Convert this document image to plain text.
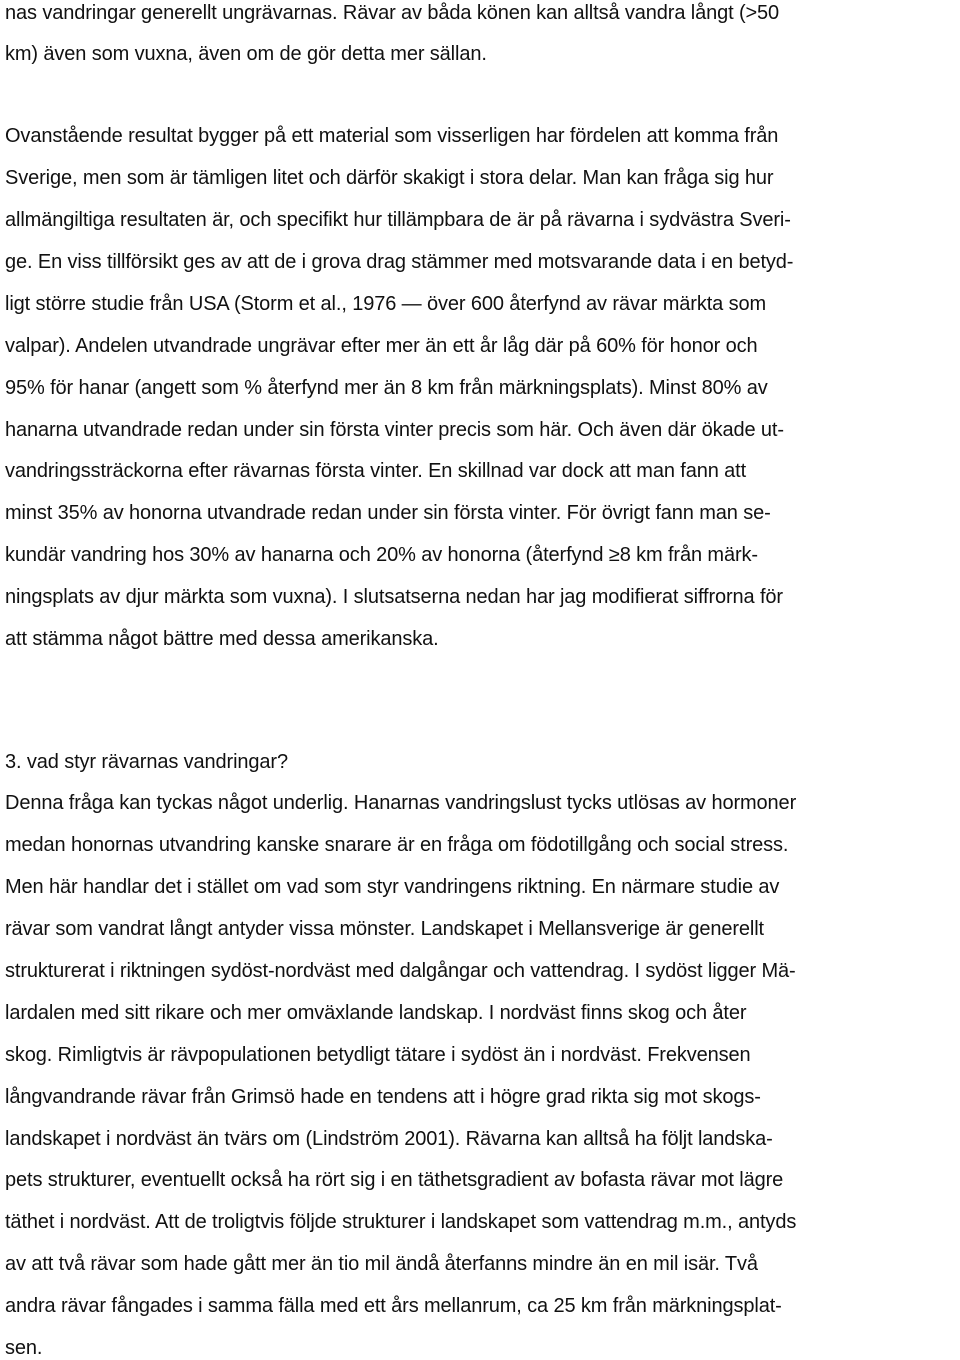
nas vandringar generellt ungrävarnas. Rävar av båda könen kan alltså vandra långt (>50
km) även som vuxna, även om de gör detta mer sällan.
Ovanstående resultat bygger på ett material som visserligen har fördelen att komma från
Sverige, men som är tämligen litet och därför skakigt i stora delar. Man kan fråga sig hur
allmängiltiga resultaten är, och specifikt hur tillämpbara de är på rävarna i sydvästra Sveri-
ge. En viss tillförsikt ges av att de i grova drag stämmer med motsvarande data i en betyd-
ligt större studie från USA (Storm et al., 1976 — över 600 återfynd av rävar märkta som
valpar). Andelen utvandrade ungrävar efter mer än ett år låg där på 60% för honor och
95% för hanar (angett som % återfynd mer än 8 km från märkningsplats). Minst 80% av
hanarna utvandrade redan under sin första vinter precis som här. Och även där ökade ut-
vandringssträckorna efter rävarnas första vinter. En skillnad var dock att man fann att
minst 35% av honorna utvandrade redan under sin första vinter. För övrigt fann man se-
kundär vandring hos 30% av hanarna och 20% av honorna (återfynd ≥8 km från märk-
ningsplats av djur märkta som vuxna). I slutsatserna nedan har jag modifierat siffrorna för
att stämma något bättre med dessa amerikanska.
3. vad styr rävarnas vandringar?
Denna fråga kan tyckas något underlig. Hanarnas vandringslust tycks utlösas av hormoner
medan honornas utvandring kanske snarare är en fråga om födotillgång och social stress.
Men här handlar det i stället om vad som styr vandringens riktning. En närmare studie av
rävar som vandrat långt antyder vissa mönster. Landskapet i Mellansverige är generellt
strukturerat i riktningen sydöst-nordväst med dalgångar och vattendrag. I sydöst ligger Mä-
lardalen med sitt rikare och mer omväxlande landskap. I nordväst finns skog och åter
skog. Rimligtvis är rävpopulationen betydligt tätare i sydöst än i nordväst. Frekvensen
långvandrande rävar från Grimsö hade en tendens att i högre grad rikta sig mot skogs-
landskapet i nordväst än tvärs om (Lindström 2001). Rävarna kan alltså ha följt landska-
pets strukturer, eventuellt också ha rört sig i en täthetsgradient av bofasta rävar mot lägre
täthet i nordväst. Att de troligtvis följde strukturer i landskapet som vattendrag m.m., antyds
av att två rävar som hade gått mer än tio mil ändå återfanns mindre än en mil isär. Två
andra rävar fångades i samma fälla med ett års mellanrum, ca 25 km från märkningsplat-
sen.
